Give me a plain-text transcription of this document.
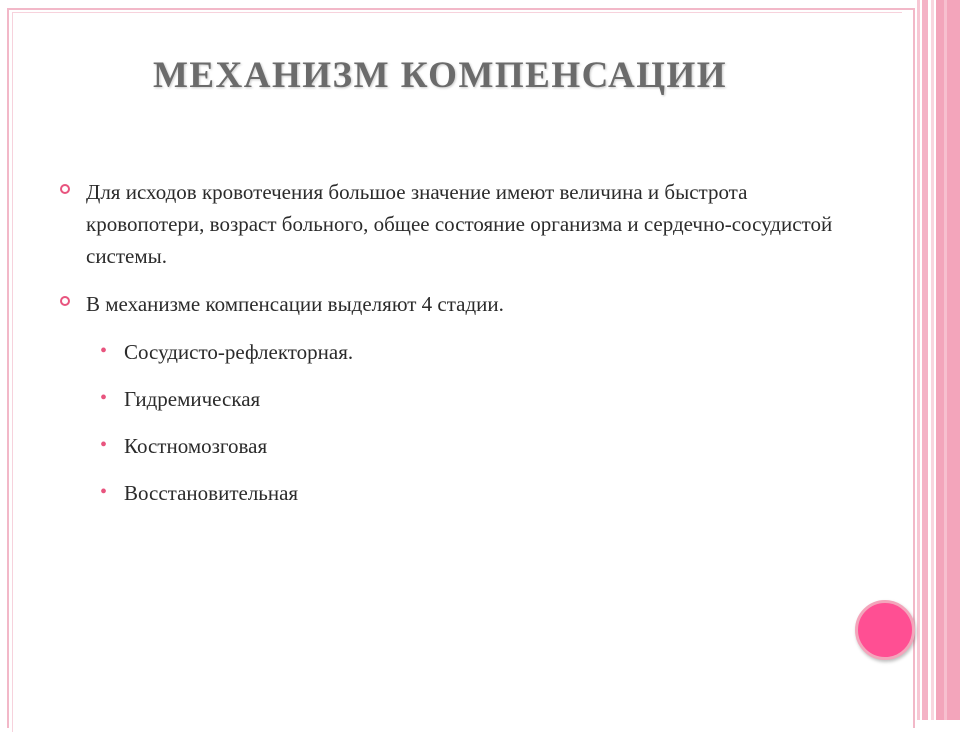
МЕХАНИЗМ КОМПЕНСАЦИИ
Для исходов кровотечения большое значение имеют величина и быстрота кровопотери, возраст больного, общее состояние организма и сердечно-сосудистой системы.
В механизме компенсации выделяют 4 стадии.
• Сосудисто-рефлекторная.
• Гидремическая
• Костномозговая
• Восстановительная
